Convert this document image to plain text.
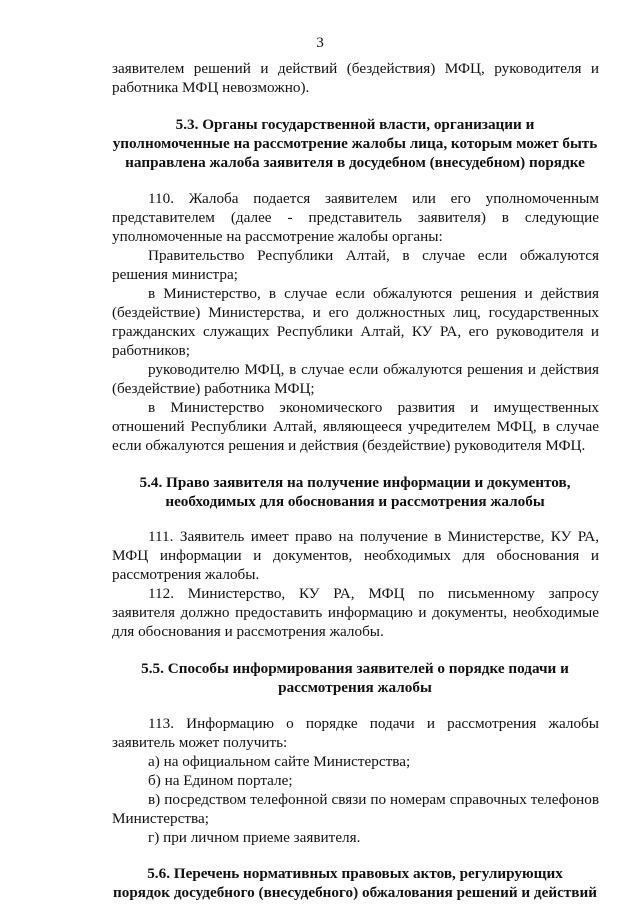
3

заявителем решений и действий (бездействия) МФЦ, руководителя и

работника МФЦ невозможно).

5.3. Органы государственной власти, организации и

уполномоченные на рассмотрение жалобы лица, которым может быть

направлена жалоба заявителя в досудебном (внесудебном) порядке

110. Жалоба подается заявителем или его уполномоченным

представителем (далее - представитель заявителя) в следующие

уполномоченные на рассмотрение жалобы органы:

Правительство Республики Алтай, в случае если обжалуются

решения министра;

в Министерство, в случае если обжалуются решения и действия

(бездействие) Министерства, и его должностных лиц, государственных

гражданских служащих Республики Алтай, КУ РА, его руководителя и

работников;

руководителю МФЦ, в случае если обжалуются решения и действия

(бездействие) работника МФЦ;

в Министерство экономического развития и имущественных

отношений Республики Алтай, являющееся учредителем МФЦ, в случае

если обжалуются решения и действия (бездействие) руководителя МФЦ.

5.4. Право заявителя на получение информации и документов,

необходимых для обоснования и рассмотрения жалобы

111. Заявитель имеет право на получение в Министерстве, КУ РА,

МФЦ информации и документов, необходимых для обоснования и

рассмотрения жалобы.

112. Министерство, КУ РА, МФЦ по письменному запросу

заявителя должно предоставить информацию и документы, необходимые

для обоснования и рассмотрения жалобы.

5.5. Способы информирования заявителей о порядке подачи и

рассмотрения жалобы

113. Информацию о порядке подачи и рассмотрения жалобы

заявитель может получить:

а) на официальном сайте Министерства;

б) на Едином портале;

в) посредством телефонной связи по номерам справочных телефонов

Министерства;

г) при личном приеме заявителя.

5.6. Перечень нормативных правовых актов, регулирующих

порядок досудебного (внесудебного) обжалования решений и действий
